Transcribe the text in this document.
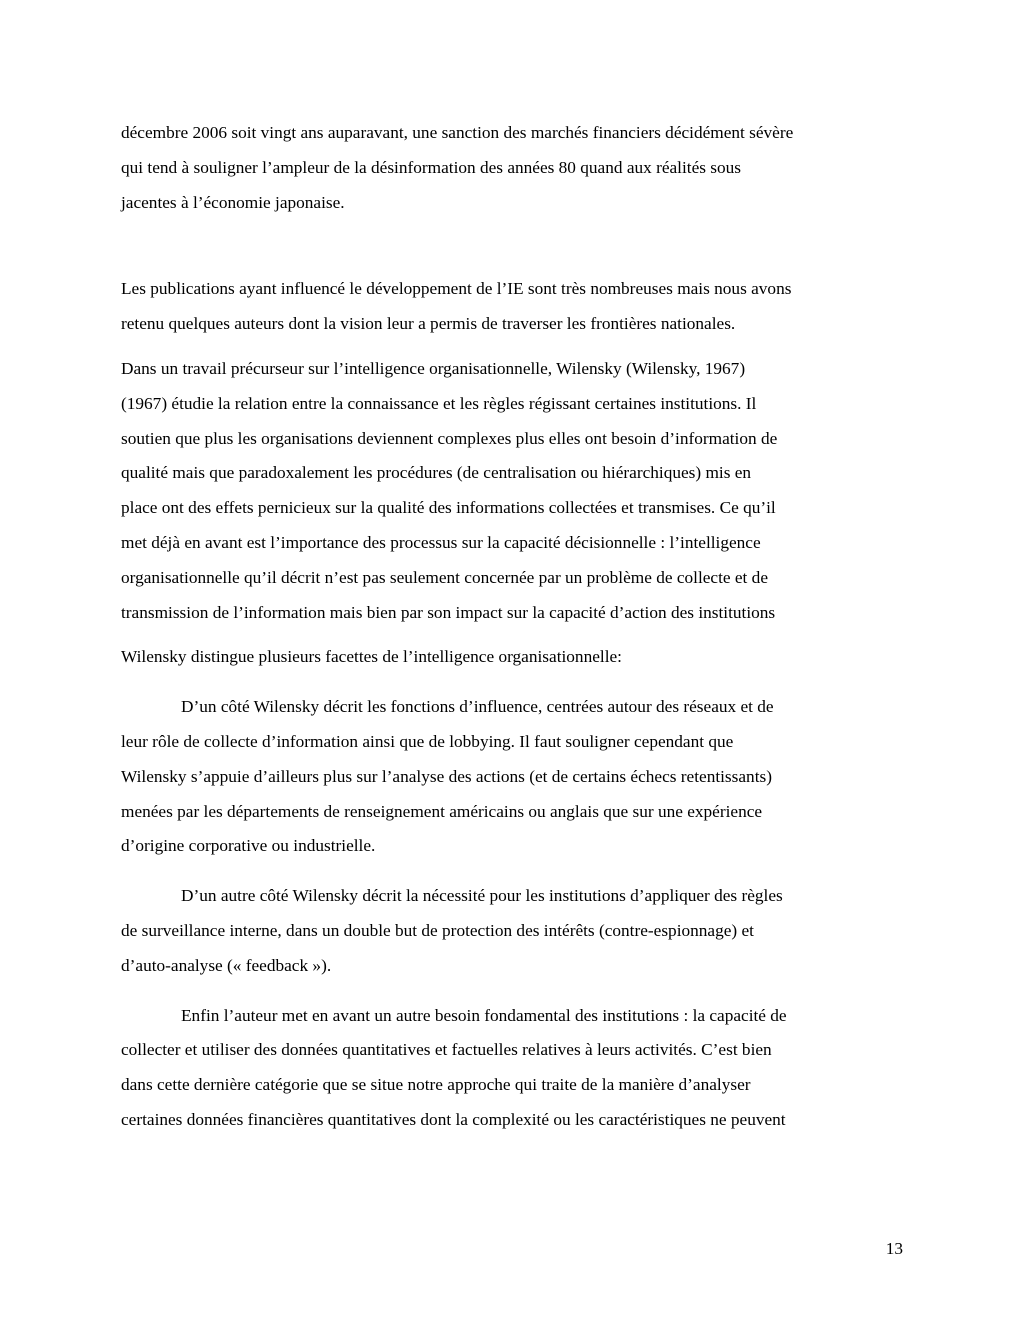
décembre 2006 soit vingt ans auparavant, une sanction des marchés financiers décidément sévère
qui tend à souligner l’ampleur de la désinformation des années 80 quand aux réalités sous
jacentes à l’économie japonaise.

Les publications ayant influencé le développement de l’IE sont très nombreuses mais nous avons
retenu quelques auteurs dont la vision leur a permis de traverser les frontières nationales.

Dans un travail précurseur sur l’intelligence organisationnelle, Wilensky (Wilensky, 1967)
(1967) étudie la relation entre la connaissance et les règles régissant certaines institutions. Il
soutien que plus les organisations deviennent complexes plus elles ont besoin d’information de
qualité mais que paradoxalement les procédures (de centralisation ou hiérarchiques) mis en
place ont des effets pernicieux sur la qualité des informations collectées et transmises. Ce qu’il
met déjà en avant est l’importance des processus sur la capacité décisionnelle : l’intelligence
organisationnelle qu’il décrit n’est pas seulement concernée par un problème de collecte et de
transmission de l’information mais bien par son impact sur la capacité d’action des institutions

Wilensky distingue plusieurs facettes de l’intelligence organisationnelle:

D’un côté Wilensky décrit les fonctions d’influence, centrées autour des réseaux et de
leur rôle de collecte d’information ainsi que de lobbying. Il faut souligner cependant que
Wilensky s’appuie d’ailleurs plus sur l’analyse des actions (et de certains échecs retentissants)
menées par les départements de renseignement américains ou anglais que sur une expérience
d’origine corporative ou industrielle.

D’un autre côté Wilensky décrit la nécessité pour les institutions d’appliquer des règles
de surveillance interne, dans un double but de protection des intérêts (contre-espionnage) et
d’auto-analyse (« feedback »).

Enfin l’auteur met en avant un autre besoin fondamental des institutions : la capacité de
collecter et utiliser des données quantitatives et factuelles relatives à leurs activités. C’est bien
dans cette dernière catégorie que se situe notre approche qui traite de la manière d’analyser
certaines données financières quantitatives dont la complexité ou les caractéristiques ne peuvent

13
